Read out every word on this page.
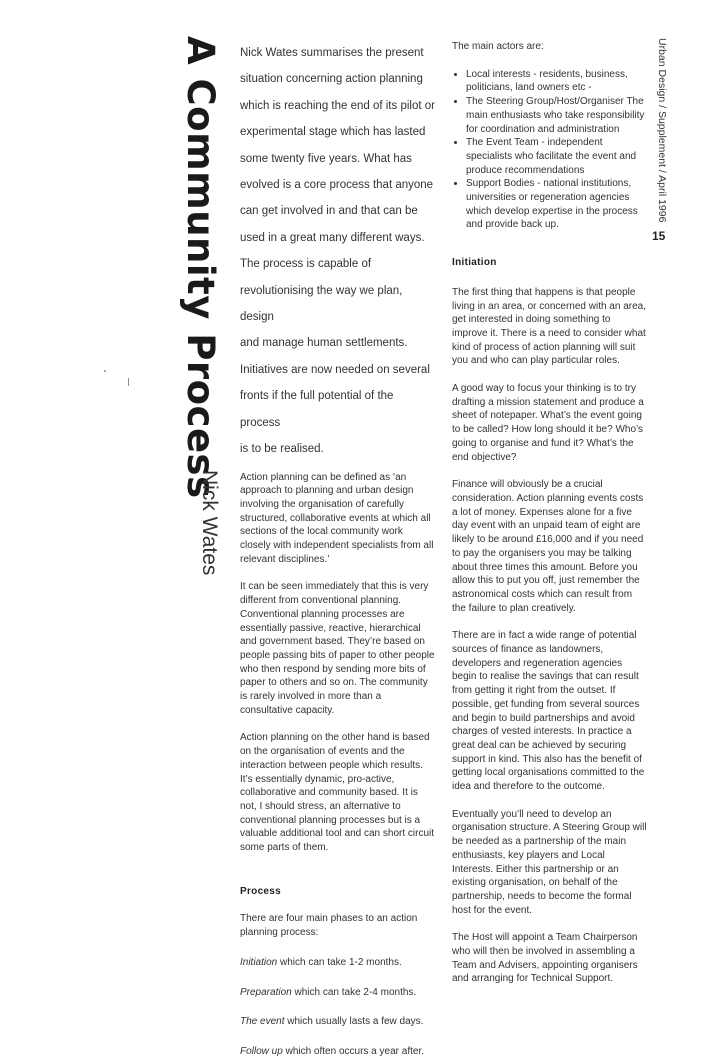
A Community Process
Nick Wates
Urban Design / Supplement / April 1996
15

Nick Wates summarises the present

situation concerning action planning

which is reaching the end of its pilot or

experimental stage which has lasted

some twenty five years. What has

evolved is a core process that anyone

can get involved in and that can be

used in a great many different ways.

The process is capable of

revolutionising the way we plan, design

and manage human settlements.

Initiatives are now needed on several

fronts if the full potential of the process

is to be realised.

Action planning can be defined as ‘an approach to planning and urban design involving the organisation of carefully structured, collaborative events at which all sections of the local community work closely with independent specialists from all relevant disciplines.’

It can be seen immediately that this is very different from conventional planning. Conventional planning processes are essentially passive, reactive, hierarchical and government based. They’re based on people passing bits of paper to other people who then respond by sending more bits of paper to others and so on. The community is rarely involved in more than a consultative capacity.

Action planning on the other hand is based on the organisation of events and the interaction between people which results. It’s essentially dynamic, pro-active, collaborative and community based. It is not, I should stress, an alternative to conventional planning processes but is a valuable additional tool and can short circuit some parts of them.

Process

There are four main phases to an action planning process:

Initiation which can take 1-2 months.

Preparation which can take 2-4 months.

The event which usually lasts a few days.

Follow up which often occurs a year after.

The main actors are:

• Local interests - residents, business, politicians, land owners etc -
• The Steering Group/Host/Organiser The main enthusiasts who take responsibility for coordination and administration
• The Event Team - independent specialists who facilitate the event and produce recommendations
• Support Bodies - national institutions, universities or regeneration agencies which develop expertise in the process and provide back up.

Initiation

The first thing that happens is that people living in an area, or concerned with an area, get interested in doing something to improve it. There is a need to consider what kind of process of action planning will suit you and who can play particular roles.

A good way to focus your thinking is to try drafting a mission statement and produce a sheet of notepaper. What’s the event going to be called? How long should it be? Who’s going to organise and fund it? What’s the end objective?

Finance will obviously be a crucial consideration. Action planning events costs a lot of money. Expenses alone for a five day event with an unpaid team of eight are likely to be around £16,000 and if you need to pay the organisers you may be talking about three times this amount. Before you allow this to put you off, just remember the astronomical costs which can result from the failure to plan creatively.

There are in fact a wide range of potential sources of finance as landowners, developers and regeneration agencies begin to realise the savings that can result from getting it right from the outset. If possible, get funding from several sources and begin to build partnerships and avoid charges of vested interests. In practice a great deal can be achieved by securing support in kind. This also has the benefit of getting local organisations committed to the idea and therefore to the outcome.

Eventually you’ll need to develop an organisation structure. A Steering Group will be needed as a partnership of the main enthusiasts, key players and Local Interests. Either this partnership or an existing organisation, on behalf of the partnership, needs to become the formal host for the event.

The Host will appoint a Team Chairperson who will then be involved in assembling a Team and Advisers, appointing organisers and arranging for Technical Support.
